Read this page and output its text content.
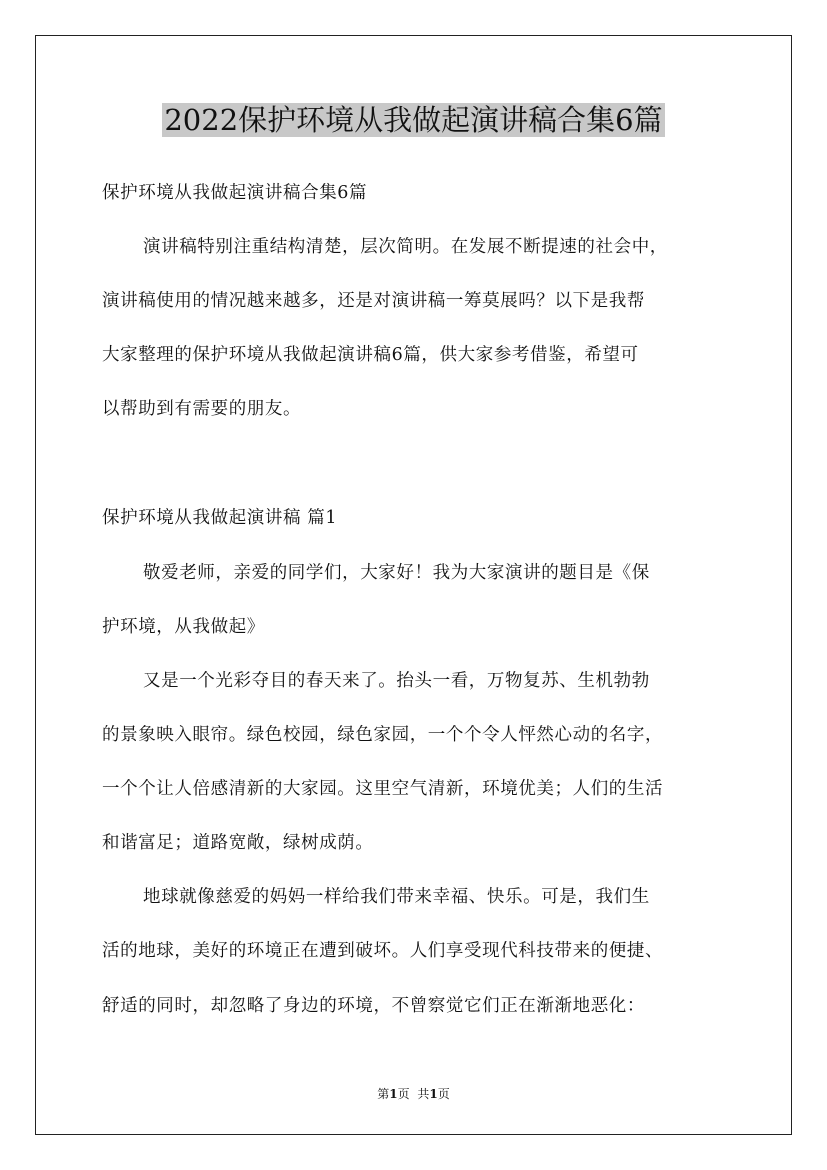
2022保护环境从我做起演讲稿合集6篇
保护环境从我做起演讲稿合集6篇
演讲稿特别注重结构清楚，层次简明。在发展不断提速的社会中，
演讲稿使用的情况越来越多，还是对演讲稿一筹莫展吗？以下是我帮
大家整理的保护环境从我做起演讲稿6篇，供大家参考借鉴，希望可
以帮助到有需要的朋友。
保护环境从我做起演讲稿 篇1
敬爱老师，亲爱的同学们，大家好！我为大家演讲的题目是《保
护环境，从我做起》
又是一个光彩夺目的春天来了。抬头一看，万物复苏、生机勃勃
的景象映入眼帘。绿色校园，绿色家园，一个个令人怦然心动的名字，
一个个让人倍感清新的大家园。这里空气清新，环境优美；人们的生活
和谐富足；道路宽敞，绿树成荫。
地球就像慈爱的妈妈一样给我们带来幸福、快乐。可是，我们生
活的地球，美好的环境正在遭到破坏。人们享受现代科技带来的便捷、
舒适的同时，却忽略了身边的环境，不曾察觉它们正在渐渐地恶化：
第1页 共1页
